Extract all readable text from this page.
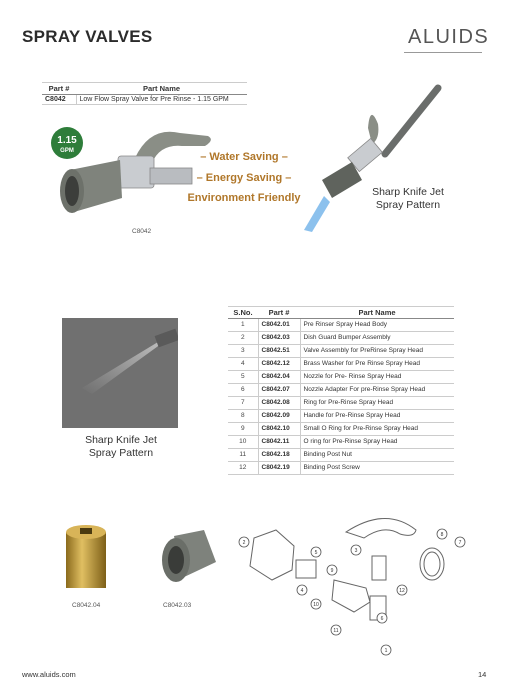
SPRAY VALVES	ALUIDS
Part #	Part Name
C8042	Low Flow Spray Valve for Pre Rinse - 1.15 GPM
1.15
GPM
C8042
– Water Saving –
– Energy Saving –
Environment Friendly	Sharp Knife Jet
Spray Pattern
Sharp Knife Jet
Spray Pattern
S.No.	Part #	Part Name
1	C8042.01	Pre Rinser Spray Head Body
2	C8042.03	Dish Guard Bumper Assembly
3	C8042.51	Valve Assembly for PreRinse Spray Head
4	C8042.12	Brass Washer for Pre Rinse Spray Head
5	C8042.04	Nozzle for Pre- Rinse Spray Head
6	C8042.07	Nozzle Adapter For pre-Rinse Spray Head
7	C8042.08	Ring for Pre-Rinse Spray Head
8	C8042.09	Handle for Pre-Rinse Spray Head
9	C8042.10	Small O Ring for Pre-Rinse Spray Head
10	C8042.11	O ring for Pre-Rinse Spray Head
11	C8042.18	Binding Post Nut
12	C8042.19	Binding Post Screw
C8042.04	C8042.03
1
2
3
4
5
6
7
8
9
10
11
12
www.aluids.com	14
